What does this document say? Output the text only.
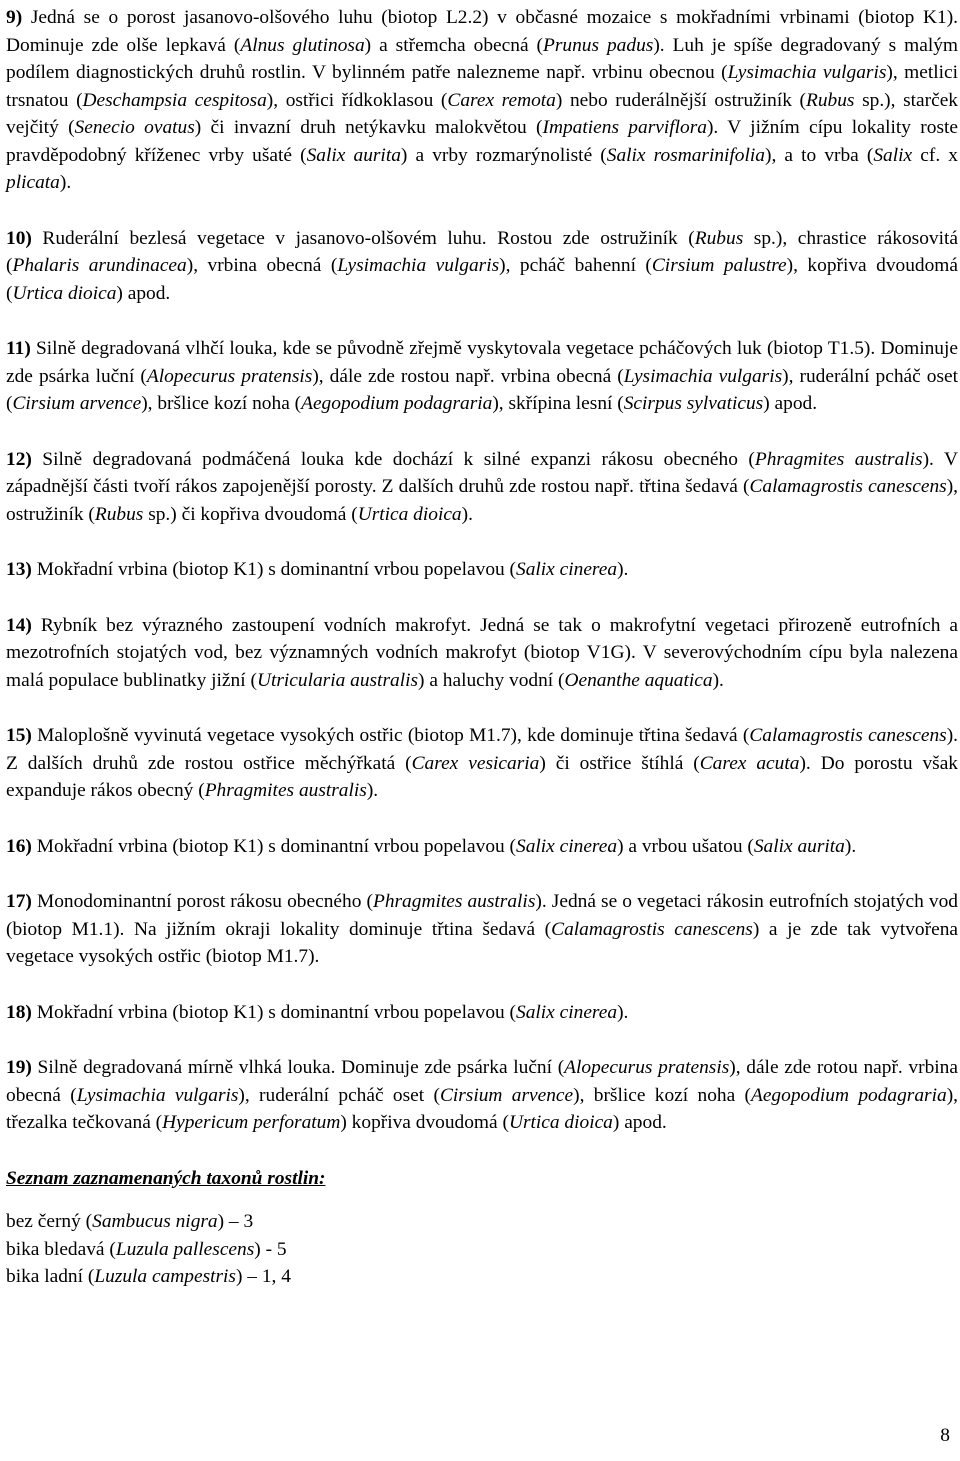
9) Jedná se o porost jasanovo-olšového luhu (biotop L2.2) v občasné mozaice s mokřadními vrbinami (biotop K1). Dominuje zde olše lepkavá (Alnus glutinosa) a střemcha obecná (Prunus padus). Luh je spíše degradovaný s malým podílem diagnostických druhů rostlin. V bylinném patře nalezneme např. vrbinu obecnou (Lysimachia vulgaris), metlici trsnatou (Deschampsia cespitosa), ostřici řídkoklasou (Carex remota) nebo ruderálnější ostružiník (Rubus sp.), starček vejčitý (Senecio ovatus) či invazní druh netýkavku malokvětou (Impatiens parviflora). V jižním cípu lokality roste pravděpodobný kříženec vrby ušaté (Salix aurita) a vrby rozmarýnolisté (Salix rosmarinifolia), a to vrba (Salix cf. x plicata).

10) Ruderální bezlesá vegetace v jasanovo-olšovém luhu. Rostou zde ostružiník (Rubus sp.), chrastice rákosovitá (Phalaris arundinacea), vrbina obecná (Lysimachia vulgaris), pcháč bahenní (Cirsium palustre), kopřiva dvoudomá (Urtica dioica) apod.

11) Silně degradovaná vlhčí louka, kde se původně zřejmě vyskytovala vegetace pcháčových luk (biotop T1.5). Dominuje zde psárka luční (Alopecurus pratensis), dále zde rostou např. vrbina obecná (Lysimachia vulgaris), ruderální pcháč oset (Cirsium arvence), bršlice kozí noha (Aegopodium podagraria), skřípina lesní (Scirpus sylvaticus) apod.

12) Silně degradovaná podmáčená louka kde dochází k silné expanzi rákosu obecného (Phragmites australis). V západnější části tvoří rákos zapojenější porosty. Z dalších druhů zde rostou např. třtina šedavá (Calamagrostis canescens), ostružiník (Rubus sp.) či kopřiva dvoudomá (Urtica dioica).

13) Mokřadní vrbina (biotop K1) s dominantní vrbou popelavou (Salix cinerea).

14) Rybník bez výrazného zastoupení vodních makrofyt. Jedná se tak o makrofytní vegetaci přirozeně eutrofních a mezotrofních stojatých vod, bez významných vodních makrofyt (biotop V1G). V severovýchodním cípu byla nalezena malá populace bublinatky jižní (Utricularia australis) a haluchy vodní (Oenanthe aquatica).

15) Maloplošně vyvinutá vegetace vysokých ostřic (biotop M1.7), kde dominuje třtina šedavá (Calamagrostis canescens). Z dalších druhů zde rostou ostřice měchýřkatá (Carex vesicaria) či ostřice štíhlá (Carex acuta). Do porostu však expanduje rákos obecný (Phragmites australis).

16) Mokřadní vrbina (biotop K1) s dominantní vrbou popelavou (Salix cinerea) a vrbou ušatou (Salix aurita).

17) Monodominantní porost rákosu obecného (Phragmites australis). Jedná se o vegetaci rákosin eutrofních stojatých vod (biotop M1.1). Na jižním okraji lokality dominuje třtina šedavá (Calamagrostis canescens) a je zde tak vytvořena vegetace vysokých ostřic (biotop M1.7).

18) Mokřadní vrbina (biotop K1) s dominantní vrbou popelavou (Salix cinerea).

19) Silně degradovaná mírně vlhká louka. Dominuje zde psárka luční (Alopecurus pratensis), dále zde rotou např. vrbina obecná (Lysimachia vulgaris), ruderální pcháč oset (Cirsium arvence), bršlice kozí noha (Aegopodium podagraria), třezalka tečkovaná (Hypericum perforatum) kopřiva dvoudomá (Urtica dioica) apod.

Seznam zaznamenaných taxonů rostlin:

bez černý (Sambucus nigra) – 3

bika bledavá (Luzula pallescens) - 5

bika ladní (Luzula campestris) – 1, 4

8
